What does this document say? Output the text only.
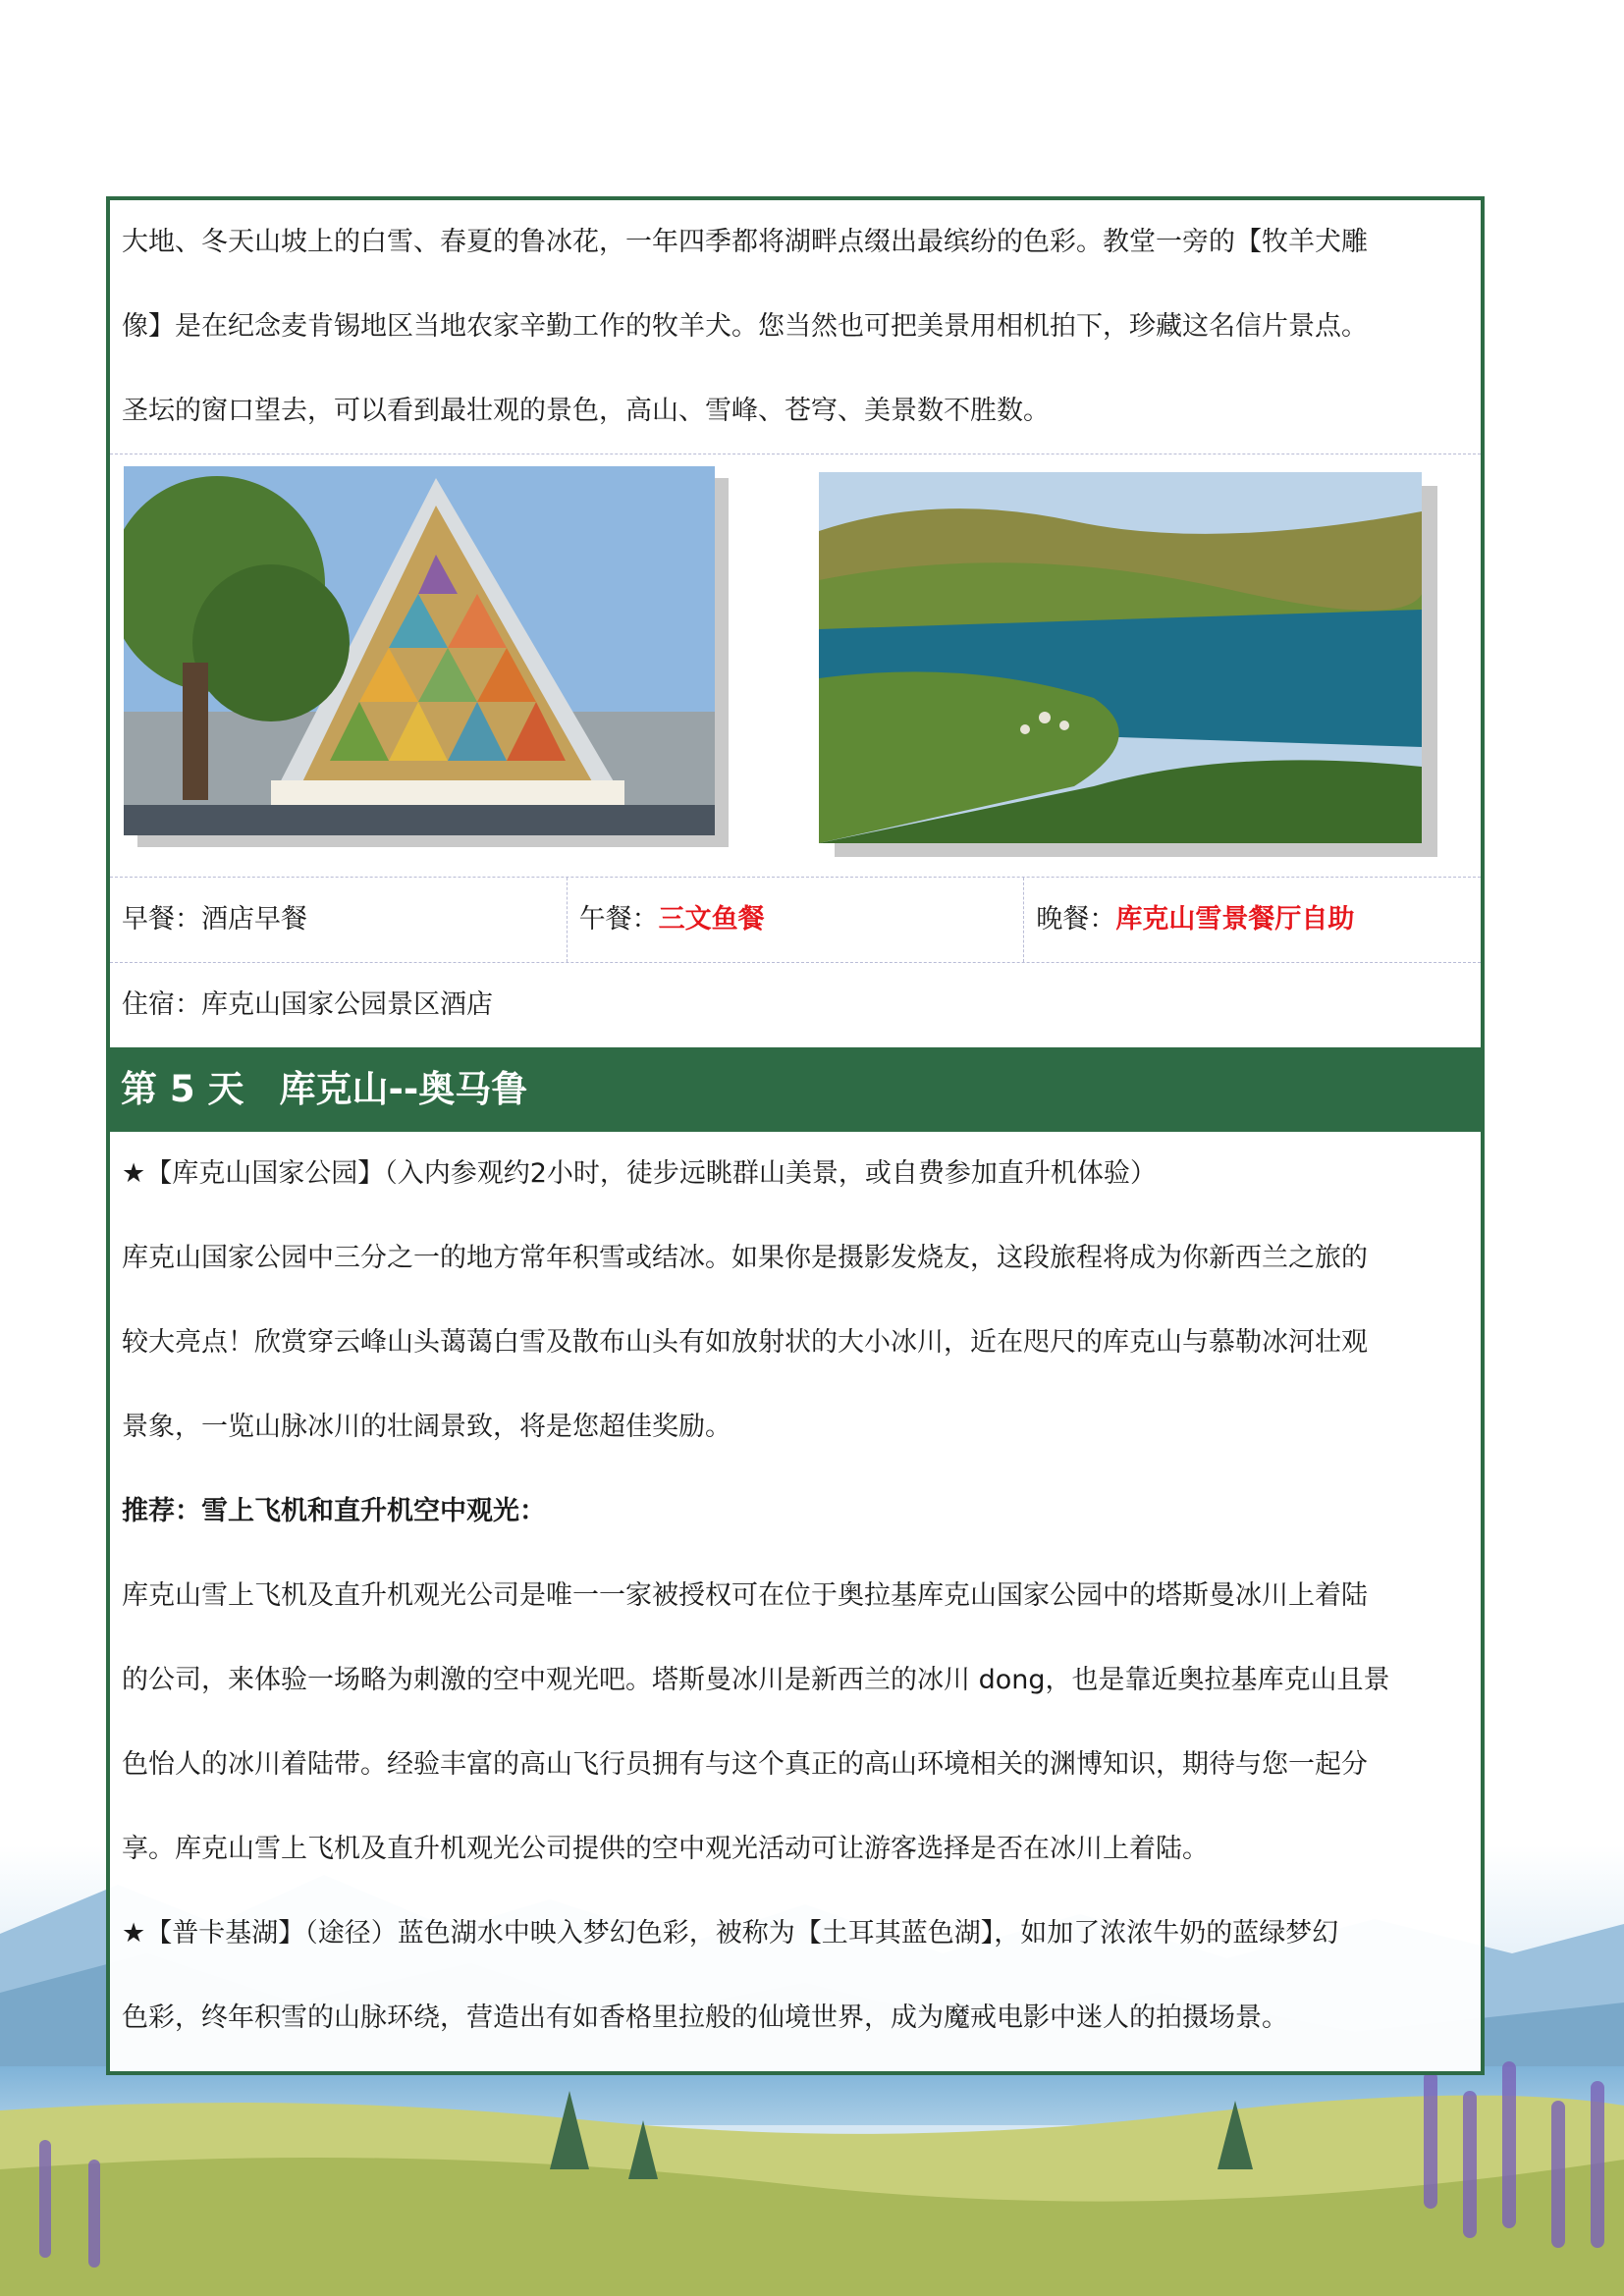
大地、冬天山坡上的白雪、春夏的鲁冰花，一年四季都将湖畔点缀出最缤纷的色彩。教堂一旁的【牧羊犬雕
像】是在纪念麦肯锡地区当地农家辛勤工作的牧羊犬。您当然也可把美景用相机拍下，珍藏这名信片景点。
圣坛的窗口望去，可以看到最壮观的景色，高山、雪峰、苍穹、美景数不胜数。
早餐：酒店早餐	午餐：三文鱼餐	晚餐：库克山雪景餐厅自助
住宿：库克山国家公园景区酒店
第 5 天 库克山--奥马鲁
★【库克山国家公园】（入内参观约2小时，徒步远眺群山美景，或自费参加直升机体验）
库克山国家公园中三分之一的地方常年积雪或结冰。如果你是摄影发烧友，这段旅程将成为你新西兰之旅的
较大亮点！欣赏穿云峰山头蔼蔼白雪及散布山头有如放射状的大小冰川，近在咫尺的库克山与慕勒冰河壮观
景象，一览山脉冰川的壮阔景致，将是您超佳奖励。
推荐：雪上飞机和直升机空中观光：
库克山雪上飞机及直升机观光公司是唯一一家被授权可在位于奥拉基库克山国家公园中的塔斯曼冰川上着陆
的公司，来体验一场略为刺激的空中观光吧。塔斯曼冰川是新西兰的冰川 dong，也是靠近奥拉基库克山且景
色怡人的冰川着陆带。经验丰富的高山飞行员拥有与这个真正的高山环境相关的渊博知识，期待与您一起分
享。库克山雪上飞机及直升机观光公司提供的空中观光活动可让游客选择是否在冰川上着陆。
★【普卡基湖】（途径）蓝色湖水中映入梦幻色彩，被称为【土耳其蓝色湖】，如加了浓浓牛奶的蓝绿梦幻
色彩，终年积雪的山脉环绕，营造出有如香格里拉般的仙境世界，成为魔戒电影中迷人的拍摄场景。
